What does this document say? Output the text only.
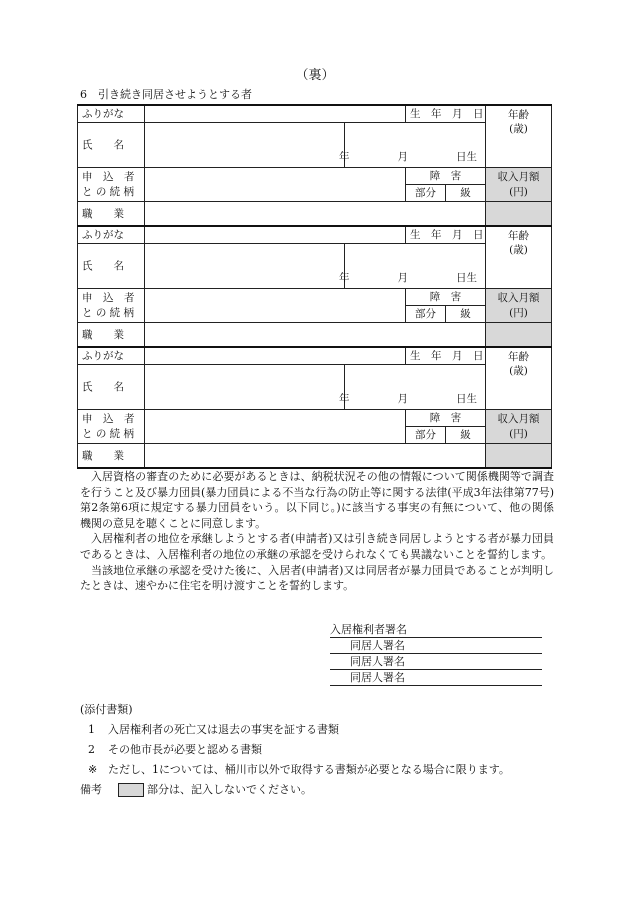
（裏）
6　引き続き同居させようとする者
ふりがな			生　年　月　日		年齢
(歳)

氏　　名		年 月 日生			

申　込　者
と の 続 柄			障　害		収入月額
(円)
			部分	級	
職　　業					
ふりがな			生　年　月　日		年齢
(歳)

氏　　名		年 月 日生			

申　込　者
と の 続 柄			障　害		収入月額
(円)
			部分	級	
職　　業					
ふりがな			生　年　月　日		年齢
(歳)

氏　　名		年 月 日生			

申　込　者
と の 続 柄			障　害		収入月額
(円)
			部分	級	
職　　業					

入居資格の審査のために必要があるときは、納税状況その他の情報について関係機関等で調査を行うこと及び暴力団員(暴力団員による不当な行為の防止等に関する法律(平成3年法律第77号)第2条第6項に規定する暴力団員をいう。以下同じ。)に該当する事実の有無について、他の関係機関の意見を聴くことに同意します。

入居権利者の地位を承継しようとする者(申請者)又は引き続き同居しようとする者が暴力団員であるときは、入居権利者の地位の承継の承認を受けられなくても異議ないことを誓約します。

当該地位承継の承認を受けた後に、入居者(申請者)又は同居者が暴力団員であることが判明したときは、速やかに住宅を明け渡すことを誓約します。

入居権利者署名
同居人署名
同居人署名
同居人署名
(添付書類)
1 入居権利者の死亡又は退去の事実を証する書類
2 その他市長が必要と認める書類
※ ただし、1については、桶川市以外で取得する書類が必要となる場合に限ります。
備考	部分は、記入しないでください。
